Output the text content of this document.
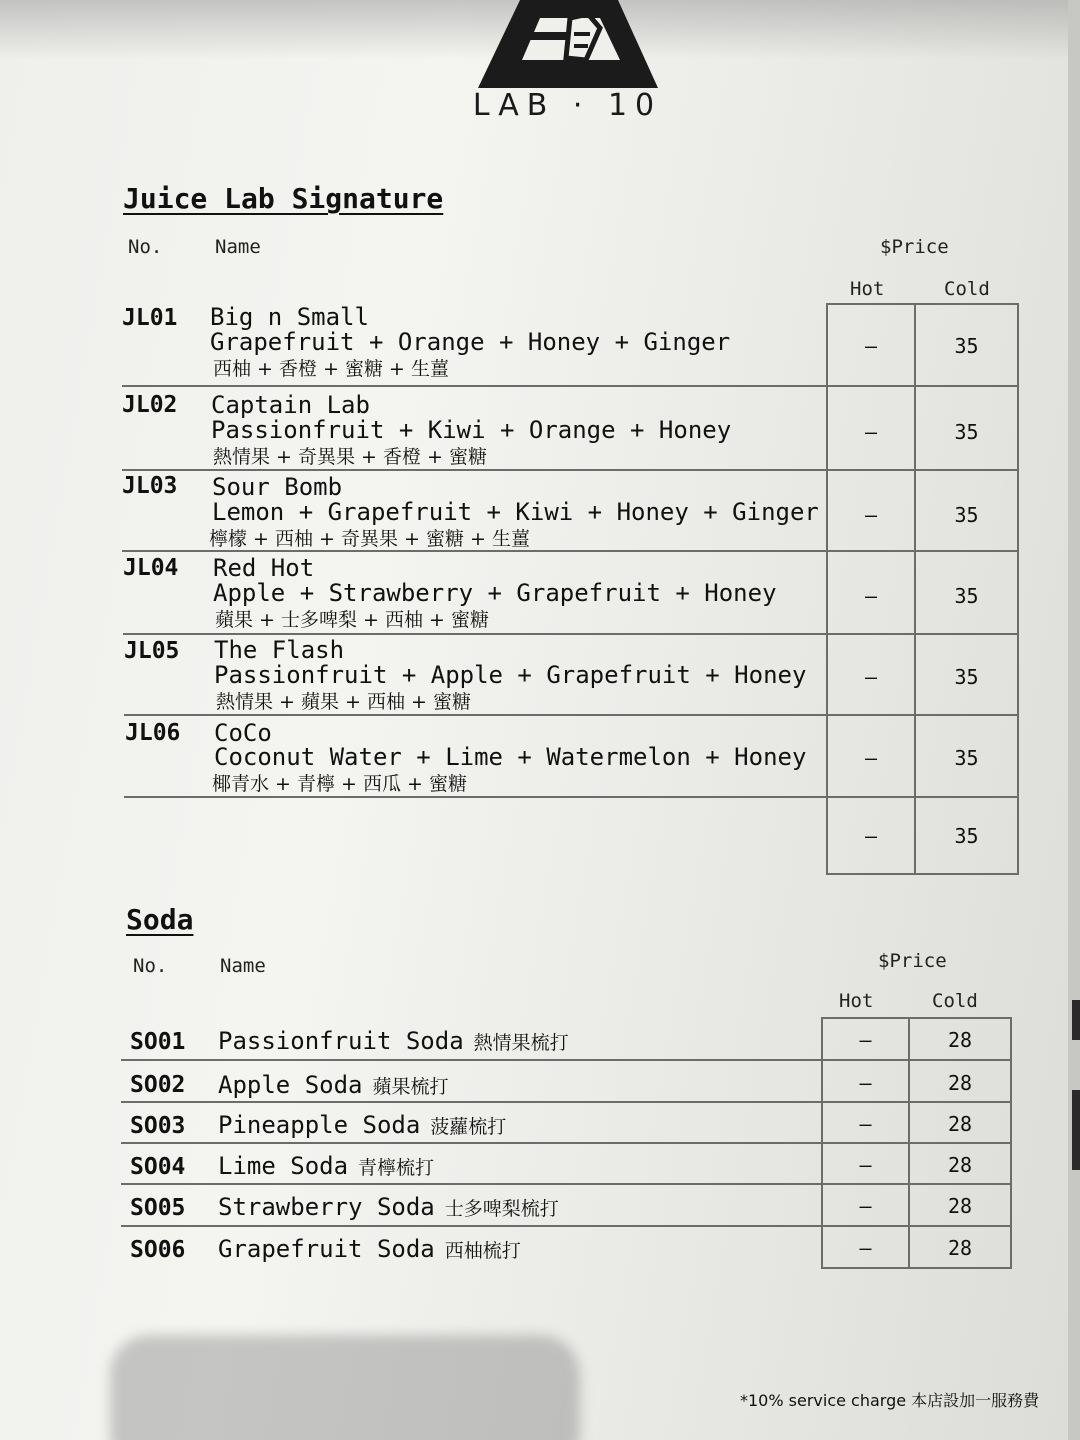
LAB · 10
Juice Lab Signature
No.	Name	$Price
Hot	Cold
JL01 Big n Small
Grapefruit + Orange + Honey + Ginger
西柚 + 香橙 + 蜜糖 + 生薑
–	35
JL02 Captain Lab
Passionfruit + Kiwi + Orange + Honey
熱情果 + 奇異果 + 香橙 + 蜜糖
–	35
JL03 Sour Bomb
Lemon + Grapefruit + Kiwi + Honey + Ginger
檸檬 + 西柚 + 奇異果 + 蜜糖 + 生薑
–	35
JL04 Red Hot
Apple + Strawberry + Grapefruit + Honey
蘋果 + 士多啤梨 + 西柚 + 蜜糖
–	35
JL05 The Flash
Passionfruit + Apple + Grapefruit + Honey
熱情果 + 蘋果 + 西柚 + 蜜糖
–	35
JL06 CoCo
Coconut Water + Lime + Watermelon + Honey
椰青水 + 青檸 + 西瓜 + 蜜糖
–	35
–	35
Soda
No.	Name	$Price
Hot	Cold
SO01 Passionfruit Soda 熱情果梳打	–	28
SO02 Apple Soda 蘋果梳打	–	28
SO03 Pineapple Soda 菠蘿梳打	–	28
SO04 Lime Soda 青檸梳打	–	28
SO05 Strawberry Soda 士多啤梨梳打	–	28
SO06 Grapefruit Soda 西柚梳打	–	28
*10% service charge 本店設加一服務費
